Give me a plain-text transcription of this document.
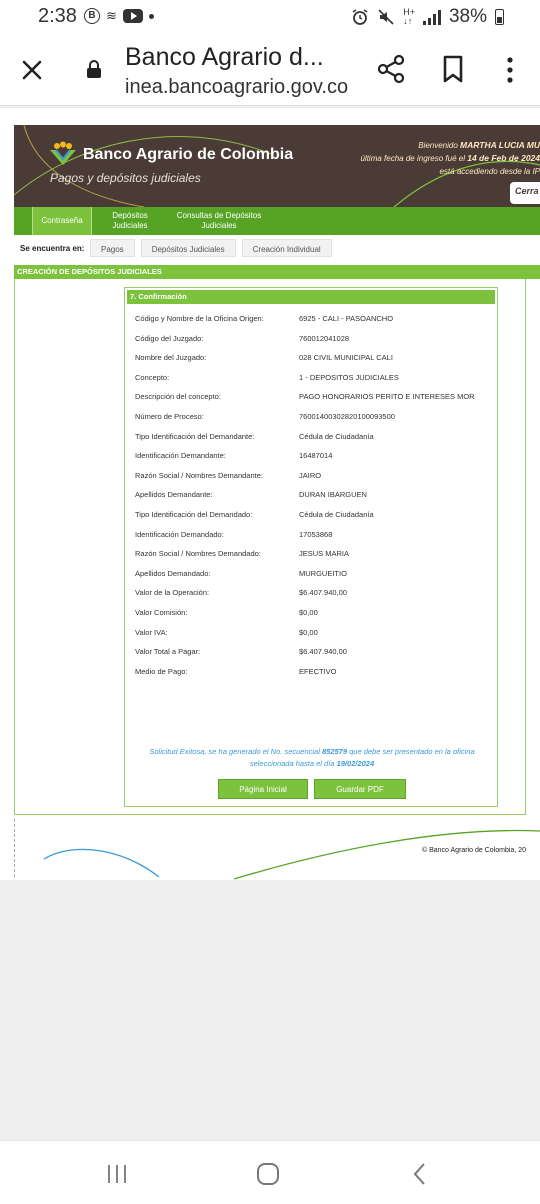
2:38	B ≋	H+
↓↑ 38%
Banco Agrario d...
inea.bancoagrario.gov.co
Banco Agrario de Colombia
Pagos y depósitos judiciales
Bienvenido MARTHA LUCIA MU
última fecha de ingreso fué el 14 de Feb de 2024
está accediendo desde la IP
Cerra
Contraseña
Depósitos Judiciales
Consultas de Depósitos Judiciales
Se encuentra en:	Pagos	Depósitos Judiciales	Creación Individual
CREACIÓN DE DEPÓSITOS JUDICIALES
7. Confirmación
Código y Nombre de la Oficina Origen:	6925 - CALI - PASOANCHO
Código del Juzgado:	760012041028
Nombre del Juzgado:	028 CIVIL MUNICIPAL CALI
Concepto:	1 - DEPOSITOS JUDICIALES
Descripción del concepto:	PAGO HONORARIOS PERITO E INTERESES MOR
Número de Proceso:	76001400302820100093500
Tipo Identificación del Demandante:	Cédula de Ciudadanía
Identificación Demandante:	16487014
Razón Social / Nombres Demandante:	JAIRO
Apellidos Demandante:	DURAN IBARGUEN
Tipo Identificación del Demandado:	Cédula de Ciudadanía
Identificación Demandado:	17053868
Razón Social / Nombres Demandado:	JESUS MARIA
Apellidos Demandado:	MURGUEITIO
Valor de la Operación:	$6.407.940,00
Valor Comisión:	$0,00
Valor IVA:	$0,00
Valor Total a Pagar:	$6.407.940,00
Medio de Pago:	EFECTIVO
Solicitud Exitosa, se ha generado el No. secuencial 852579 que debe ser presentado en la oficina seleccionada hasta el día 19/02/2024
Página Inicial	Guardar PDF
© Banco Agrario de Colombia, 20
